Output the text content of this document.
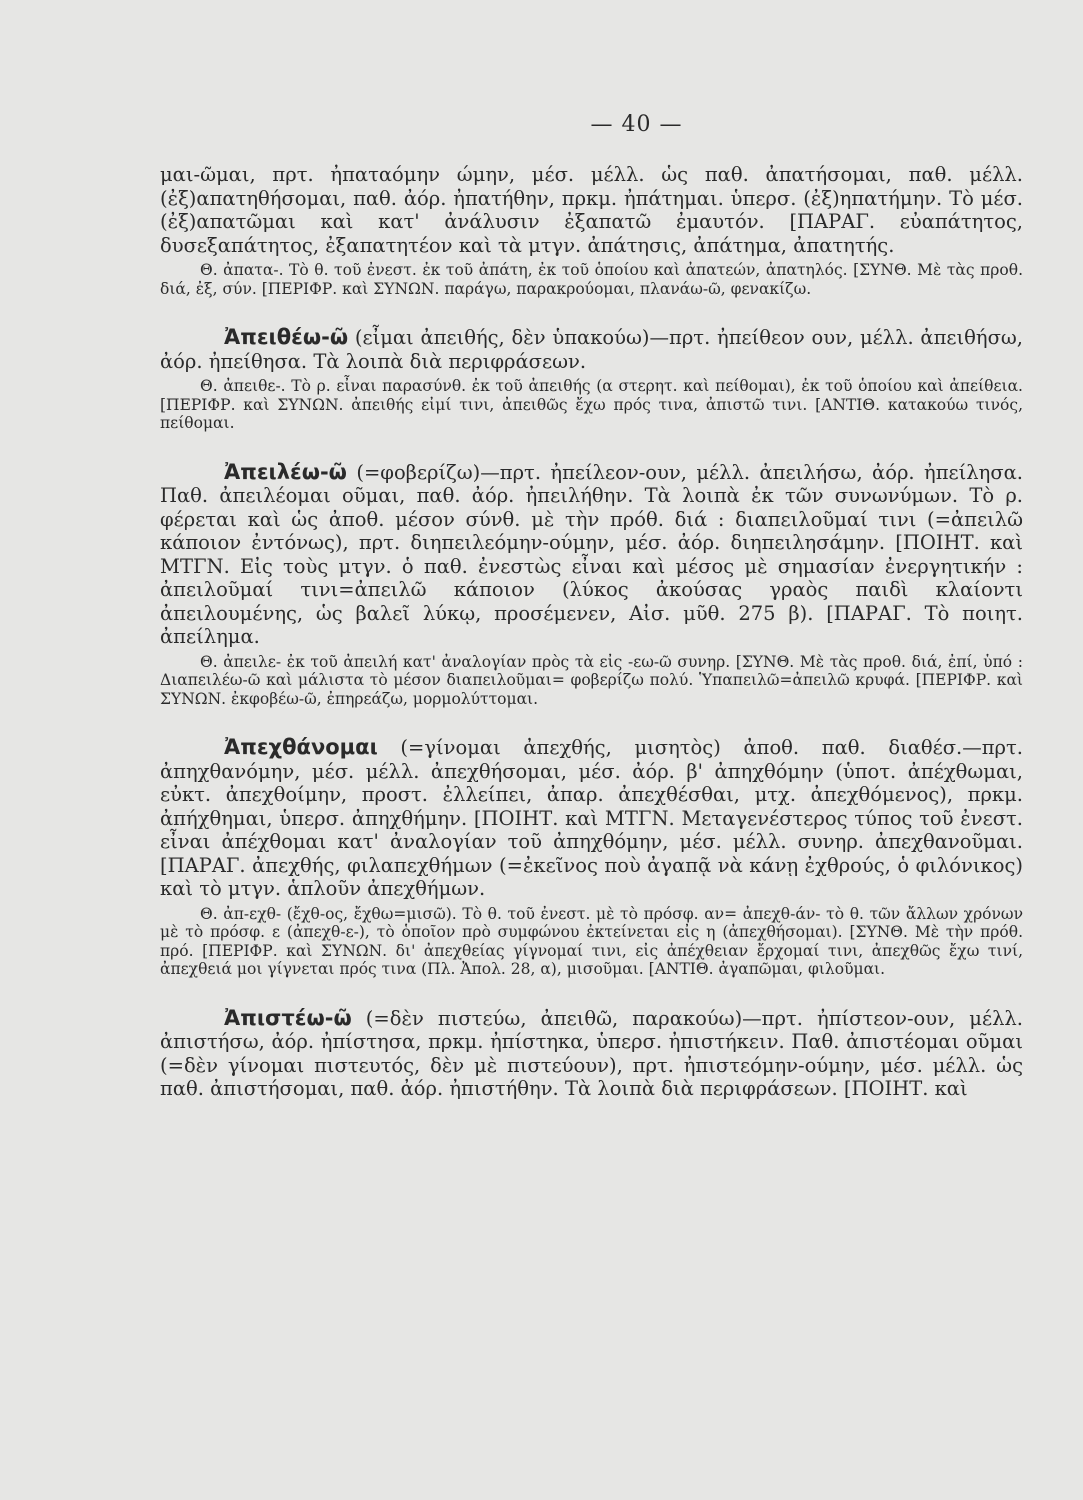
— 40 —

μαι-ῶμαι, πρτ. ἠπαταόμην ώμην, μέσ. μέλλ. ὡς παθ. ἀπατήσομαι, παθ. μέλλ. (ἐξ)απατηθήσομαι, παθ. ἀόρ. ἠπατήθην, πρκμ. ἠπάτημαι. ὑπερσ. (ἐξ)ηπατήμην. Τὸ μέσ. (ἐξ)απατῶμαι καὶ κατ' ἀνάλυσιν ἐξαπατῶ ἐμαυτόν. [ΠΑΡΑΓ. εὐαπάτητος, δυσεξαπάτητος, ἐξαπατητέον καὶ τὰ μτγν. ἀπάτησις, ἀπάτημα, ἀπατητής.

Θ. ἀπατα-. Τὸ θ. τοῦ ἐνεστ. ἐκ τοῦ ἀπάτη, ἐκ τοῦ ὁποίου καὶ ἀπατεών, ἀπατηλός. [ΣΥΝΘ. Μὲ τὰς προθ. διά, ἐξ, σύν. [ΠΕΡΙΦΡ. καὶ ΣΥΝΩΝ. παράγω, παρακρούομαι, πλανάω-ῶ, φενακίζω.

Ἀπειθέω-ῶ (εἶμαι ἀπειθής, δὲν ὑπακούω)—πρτ. ἠπείθεον ουν, μέλλ. ἀπειθήσω, ἀόρ. ἠπείθησα. Τὰ λοιπὰ διὰ περιφράσεων.

Θ. ἀπειθε-. Τὸ ρ. εἶναι παρασύνθ. ἐκ τοῦ ἀπειθής (α στερητ. καὶ πείθομαι), ἐκ τοῦ ὁποίου καὶ ἀπείθεια. [ΠΕΡΙΦΡ. καὶ ΣΥΝΩΝ. ἀπειθής εἰμί τινι, ἀπειθῶς ἔχω πρός τινα, ἀπιστῶ τινι. [ΑΝΤΙΘ. κατακούω τινός, πείθομαι.

Ἀπειλέω-ῶ (=φοβερίζω)—πρτ. ἠπείλεον-ουν, μέλλ. ἀπειλήσω, ἀόρ. ἠπείλησα. Παθ. ἀπειλέομαι οῦμαι, παθ. ἀόρ. ἠπειλήθην. Τὰ λοιπὰ ἐκ τῶν συνωνύμων. Τὸ ρ. φέρεται καὶ ὡς ἀποθ. μέσον σύνθ. μὲ τὴν πρόθ. διά : διαπειλοῦμαί τινι (=ἀπειλῶ κάποιον ἐντόνως), πρτ. διηπειλεόμην-ούμην, μέσ. ἀόρ. διηπειλησάμην. [ΠΟΙΗΤ. καὶ ΜΤΓΝ. Εἰς τοὺς μτγν. ὁ παθ. ἐνεστὼς εἶναι καὶ μέσος μὲ σημασίαν ἐνεργητικήν : ἀπειλοῦμαί τινι=ἀπειλῶ κάποιον (λύκος ἀκούσας γραὸς παιδὶ κλαίοντι ἀπειλουμένης, ὡς βαλεῖ λύκῳ, προσέμενεν, Αἰσ. μῦθ. 275 β). [ΠΑΡΑΓ. Τὸ ποιητ. ἀπείλημα.

Θ. ἀπειλε- ἐκ τοῦ ἀπειλή κατ' ἀναλογίαν πρὸς τὰ εἰς -εω-ῶ συνηρ. [ΣΥΝΘ. Μὲ τὰς προθ. διά, ἐπί, ὑπό : Διαπειλέω-ῶ καὶ μάλιστα τὸ μέσον διαπειλοῦμαι= φοβερίζω πολύ. Ὑπαπειλῶ=ἀπειλῶ κρυφά. [ΠΕΡΙΦΡ. καὶ ΣΥΝΩΝ. ἐκφοβέω-ῶ, ἐπηρεάζω, μορμολύττομαι.

Ἀπεχθάνομαι (=γίνομαι ἀπεχθής, μισητὸς) ἀποθ. παθ. διαθέσ.—πρτ. ἀπηχθανόμην, μέσ. μέλλ. ἀπεχθήσομαι, μέσ. ἀόρ. β' ἀπηχθόμην (ὑποτ. ἀπέχθωμαι, εὐκτ. ἀπεχθοίμην, προστ. ἐλλείπει, ἀπαρ. ἀπεχθέσθαι, μτχ. ἀπεχθόμενος), πρκμ. ἀπήχθημαι, ὑπερσ. ἀπηχθήμην. [ΠΟΙΗΤ. καὶ ΜΤΓΝ. Μεταγενέστερος τύπος τοῦ ἐνεστ. εἶναι ἀπέχθομαι κατ' ἀναλογίαν τοῦ ἀπηχθόμην, μέσ. μέλλ. συνηρ. ἀπεχθανοῦμαι. [ΠΑΡΑΓ. ἀπεχθής, φιλαπεχθήμων (=ἐκεῖνος ποὺ ἀγαπᾷ νὰ κάνῃ ἐχθρούς, ὁ φιλόνικος) καὶ τὸ μτγν. ἁπλοῦν ἀπεχθήμων.

Θ. ἀπ-εχθ- (ἔχθ-ος, ἔχθω=μισῶ). Τὸ θ. τοῦ ἐνεστ. μὲ τὸ πρόσφ. αν= ἀπεχθ-άν- τὸ θ. τῶν ἄλλων χρόνων μὲ τὸ πρόσφ. ε (ἀπεχθ-ε-), τὸ ὁποῖον πρὸ συμφώνου ἐκτείνεται εἰς η (ἀπεχθήσομαι). [ΣΥΝΘ. Μὲ τὴν πρόθ. πρό. [ΠΕΡΙΦΡ. καὶ ΣΥΝΩΝ. δι' ἀπεχθείας γίγνομαί τινι, εἰς ἀπέχθειαν ἔρχομαί τινι, ἀπεχθῶς ἔχω τινί, ἀπεχθειά μοι γίγνεται πρός τινα (Πλ. Ἀπολ. 28, α), μισοῦμαι. [ΑΝΤΙΘ. ἀγαπῶμαι, φιλοῦμαι.

Ἀπιστέω-ῶ (=δὲν πιστεύω, ἀπειθῶ, παρακούω)—πρτ. ἠπίστεον-ουν, μέλλ. ἀπιστήσω, ἀόρ. ἠπίστησα, πρκμ. ἠπίστηκα, ὑπερσ. ἠπιστήκειν. Παθ. ἀπιστέομαι οῦμαι (=δὲν γίνομαι πιστευτός, δὲν μὲ πιστεύουν), πρτ. ἠπιστεόμην-ούμην, μέσ. μέλλ. ὡς παθ. ἀπιστήσομαι, παθ. ἀόρ. ἠπιστήθην. Τὰ λοιπὰ διὰ περιφράσεων. [ΠΟΙΗΤ. καὶ
